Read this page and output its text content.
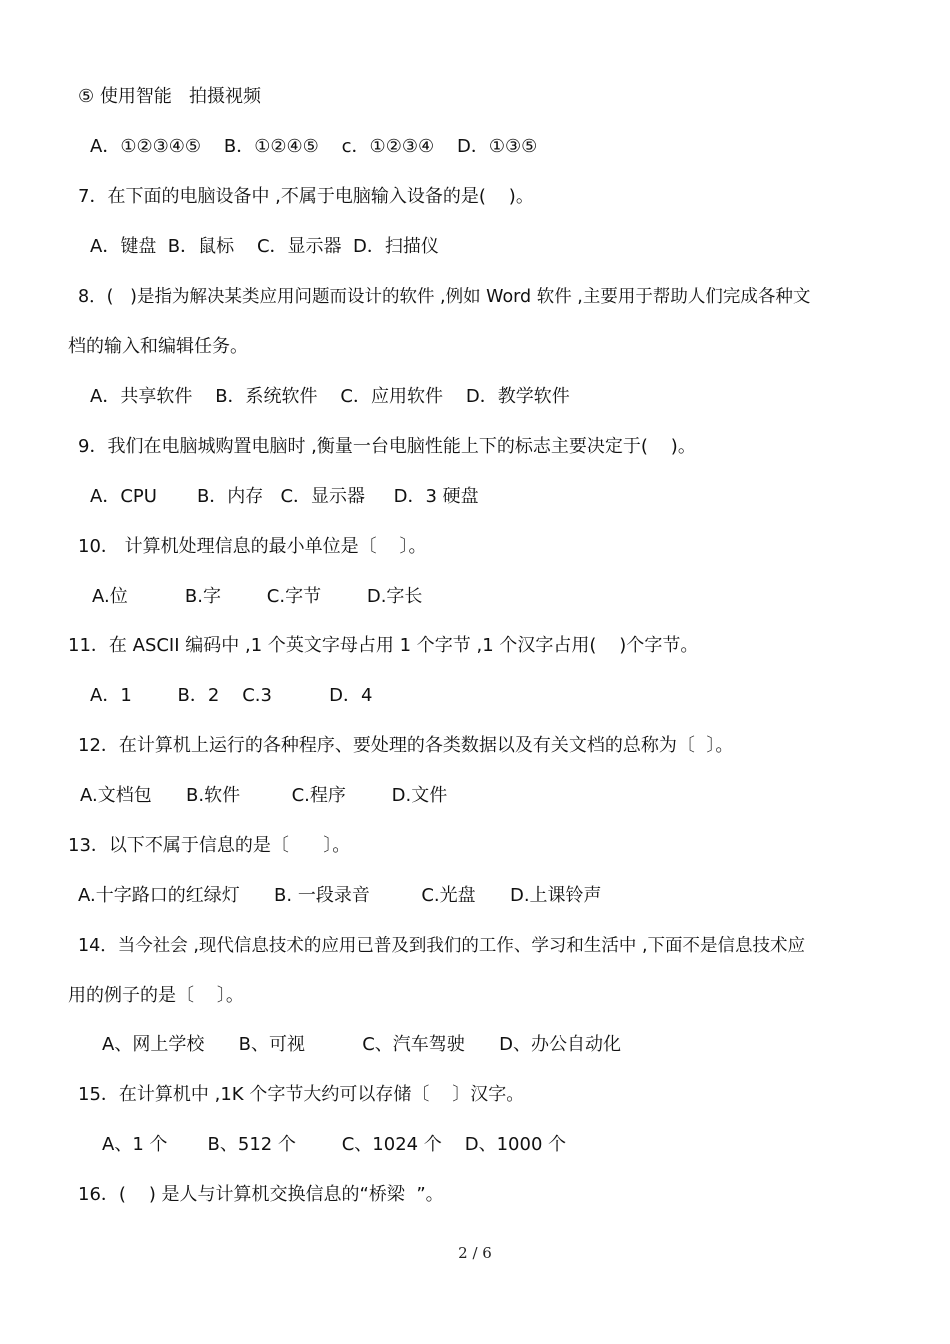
⑤ 使用智能   拍摄视频
A．①②③④⑤    B．①②④⑤    c．①②③④    D．①③⑤
7．在下面的电脑设备中 ,不属于电脑输入设备的是(    )。
A．键盘  B．鼠标    C．显示器  D．扫描仪
8．(   )是指为解决某类应用问题而设计的软件 ,例如 Word 软件 ,主要用于帮助人们完成各种文
档的输入和编辑任务。
A．共享软件    B．系统软件    C．应用软件    D．教学软件
9．我们在电脑城购置电脑时 ,衡量一台电脑性能上下的标志主要决定于(    )。
A．CPU       B．内存   C．显示器     D．3 硬盘
10． 计算机处理信息的最小单位是〔    〕。
A.位          B.字        C.字节        D.字长
11．在 ASCII 编码中 ,1 个英文字母占用 1 个字节 ,1 个汉字占用(    )个字节。
A．1        B．2    C.3          D．4
12．在计算机上运行的各种程序、要处理的各类数据以及有关文档的总称为〔  〕。
A.文档包      B.软件         C.程序        D.文件
13．以下不属于信息的是〔      〕。
A.十字路口的红绿灯      B. 一段录音         C.光盘      D.上课铃声
14．当今社会 ,现代信息技术的应用已普及到我们的工作、学习和生活中 ,下面不是信息技术应
用的例子的是〔    〕。
A、网上学校      B、可视          C、汽车驾驶      D、办公自动化
15．在计算机中 ,1K 个字节大约可以存储〔    〕汉字。
A、1 个       B、512 个        C、1024 个    D、1000 个
16．(    ) 是人与计算机交换信息的“桥梁  ”。
2 / 6
